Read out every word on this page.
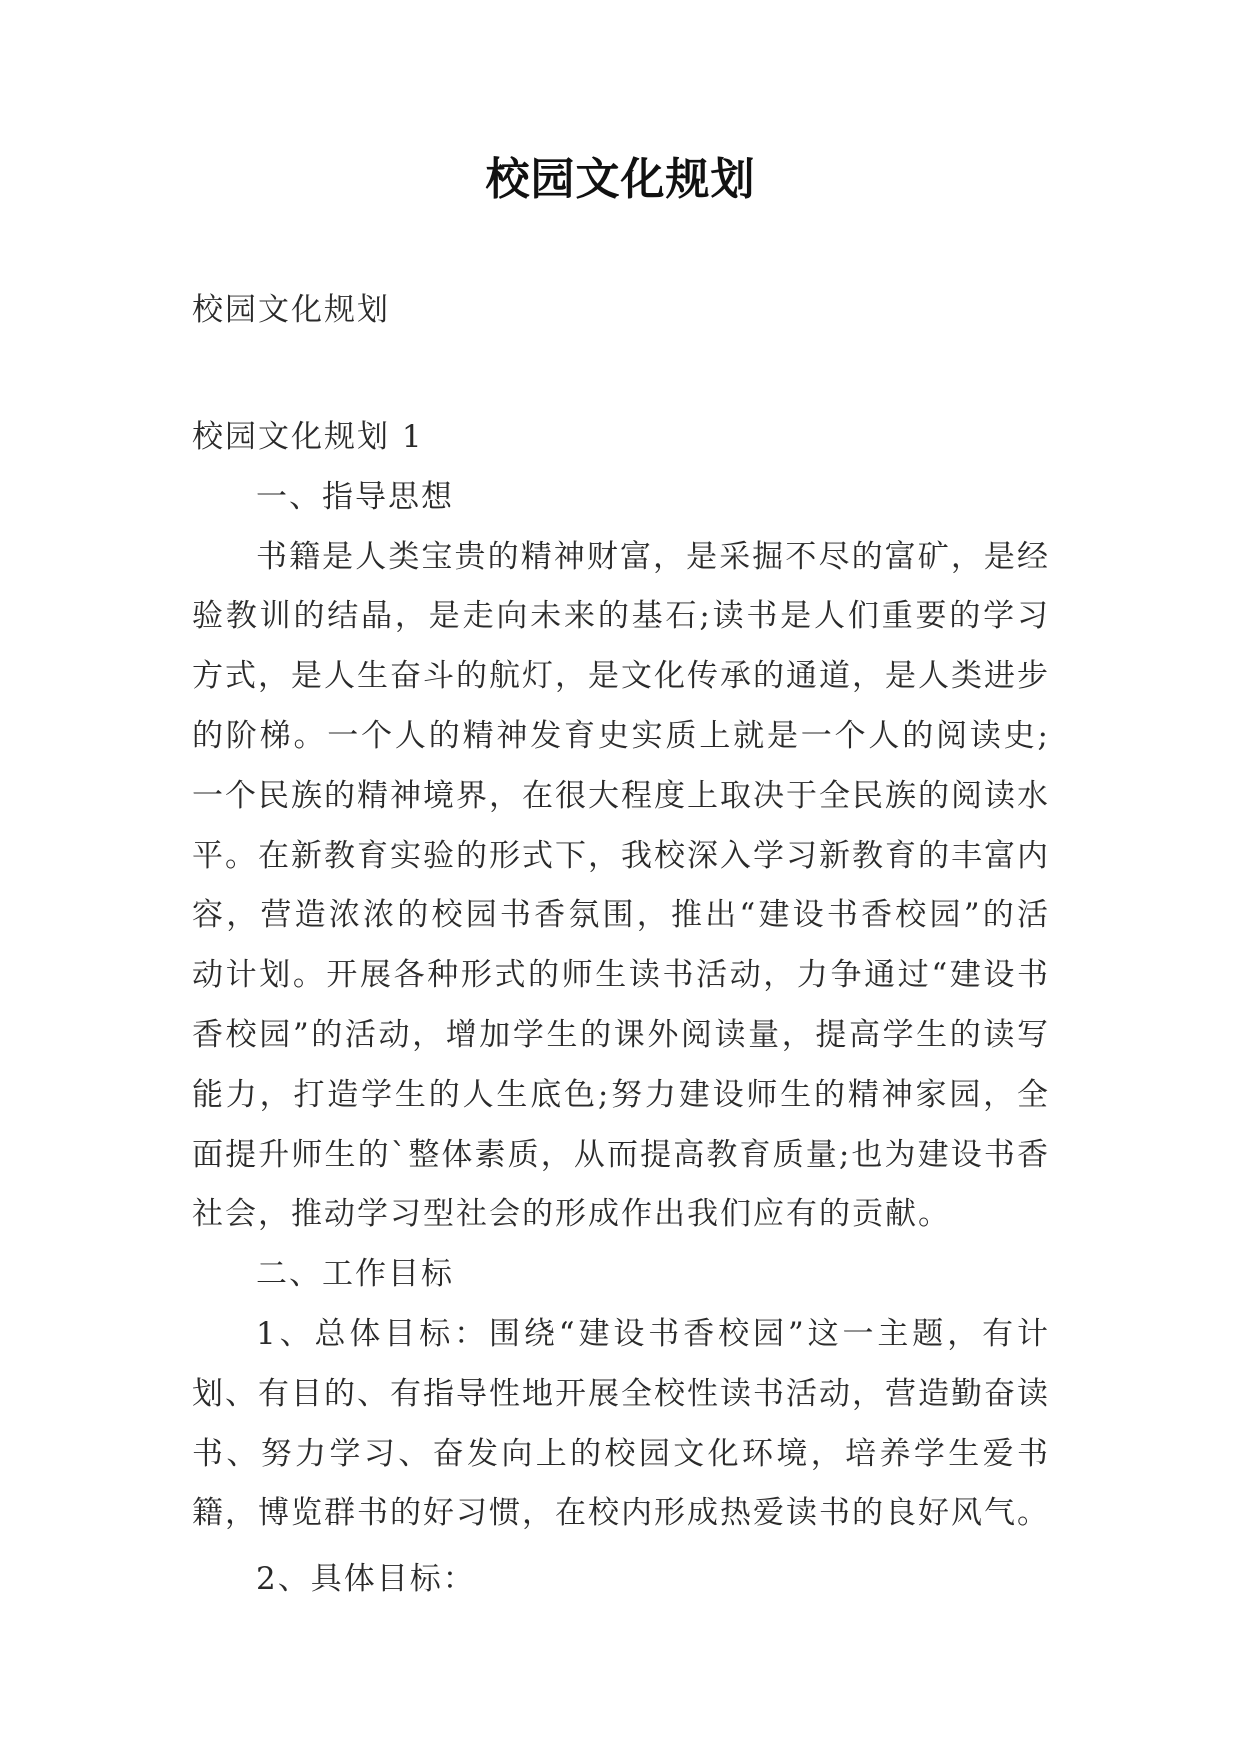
校园文化规划
校园文化规划

校园文化规划 1

一、指导思想

书籍是人类宝贵的精神财富，是采掘不尽的富矿，是经验教训的结晶，是走向未来的基石;读书是人们重要的学习方式，是人生奋斗的航灯，是文化传承的通道，是人类进步的阶梯。一个人的精神发育史实质上就是一个人的阅读史;一个民族的精神境界，在很大程度上取决于全民族的阅读水平。在新教育实验的形式下，我校深入学习新教育的丰富内容，营造浓浓的校园书香氛围，推出“建设书香校园”的活动计划。开展各种形式的师生读书活动，力争通过“建设书香校园”的活动，增加学生的课外阅读量，提高学生的读写能力，打造学生的人生底色;努力建设师生的精神家园，全面提升师生的`整体素质，从而提高教育质量;也为建设书香社会，推动学习型社会的形成作出我们应有的贡献。

二、工作目标

1、总体目标：围绕“建设书香校园”这一主题，有计划、有目的、有指导性地开展全校性读书活动，营造勤奋读书、努力学习、奋发向上的校园文化环境，培养学生爱书籍，博览群书的好习惯，在校内形成热爱读书的良好风气。

2、具体目标：
